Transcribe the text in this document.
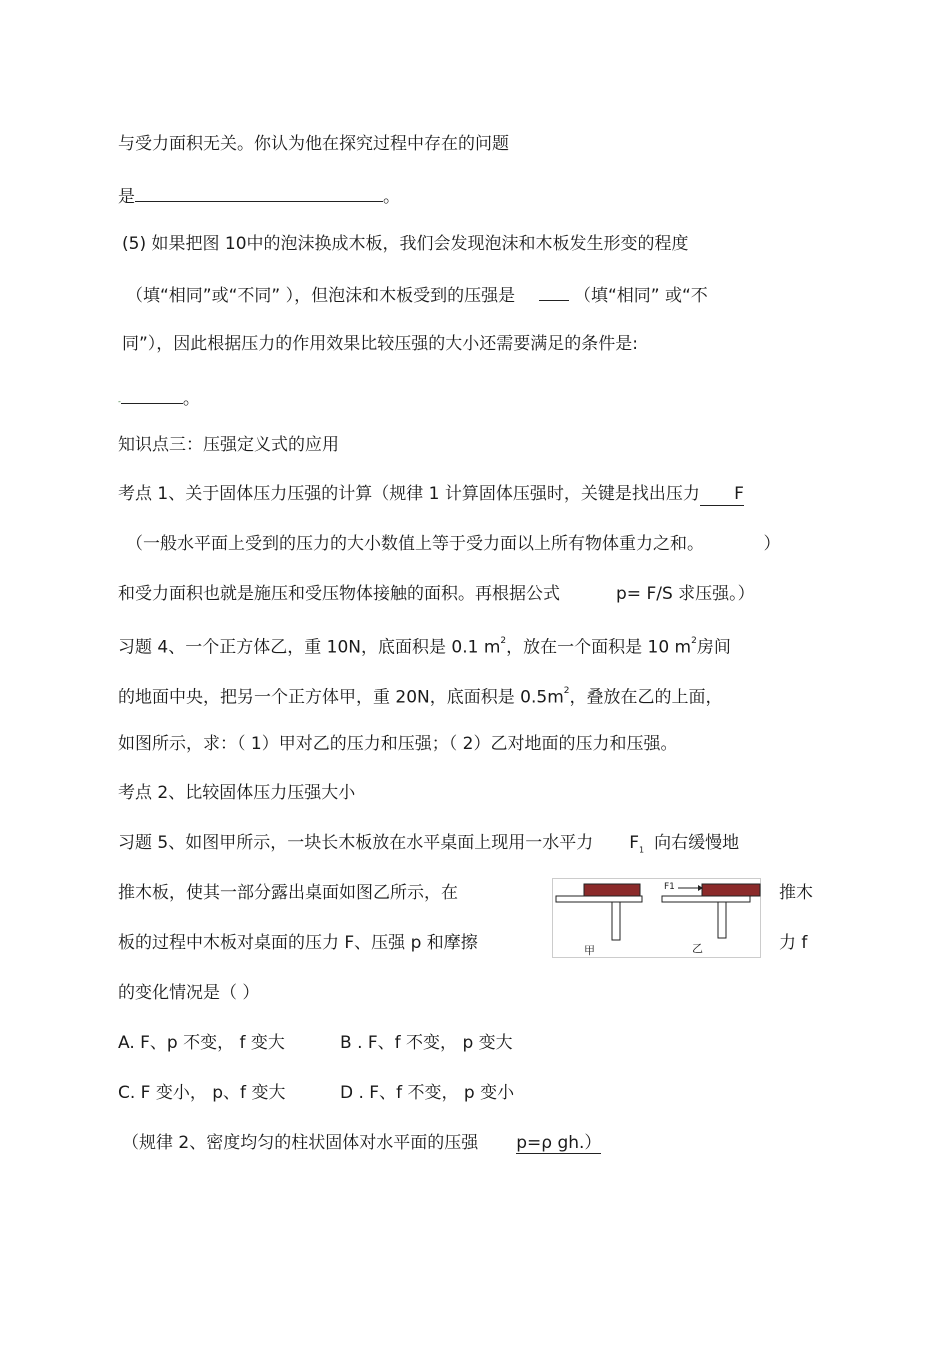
与受力面积无关。你认为他在探究过程中存在的问题
是	。
(5) 如果把图 10中的泡沫换成木板，我们会发现泡沫和木板发生形变的程度
（填“相同”或“不同” ），但泡沫和木板受到的压强是	（填“相同” 或“不
同”），因此根据压力的作用效果比较压强的大小还需要满足的条件是:
-	。
知识点三：压强定义式的应用
考点 1、关于固体压力压强的计算（规律 1 计算固体压强时，关键是找出压力 F
（一般水平面上受到的压力的大小数值上等于受力面以上所有物体重力之和。	）
和受力面积也就是施压和受压物体接触的面积。再根据公式	p= F/S 求压强。）
习题 4、一个正方体乙，重 10N，底面积是 0.1 $m^2$，放在一个面积是 10 $m^2$房间
的地面中央，把另一个正方体甲，重 20N，底面积是 $0.5m^2$，叠放在乙的上面，
如图所示，求：（ 1）甲对乙的压力和压强；（ 2）乙对地面的压力和压强。
考点 2、比较固体压力压强大小
习题 5、如图甲所示，一块长木板放在水平桌面上现用一水平力 $F_1$ 向右缓慢地
推木板，使其一部分露出桌面如图乙所示，在	推木
板的过程中木板对桌面的压力 F、压强 p 和摩擦	力 f
的变化情况是（ ）
A. F、p 不变， f 变大	B . F、f 不变， p 变大
C. F 变小， p、f 变大	D . F、f 不变， p 变小
（规律 2、密度均匀的柱状固体对水平面的压强 p=ρ gh.）
甲
F1
乙
